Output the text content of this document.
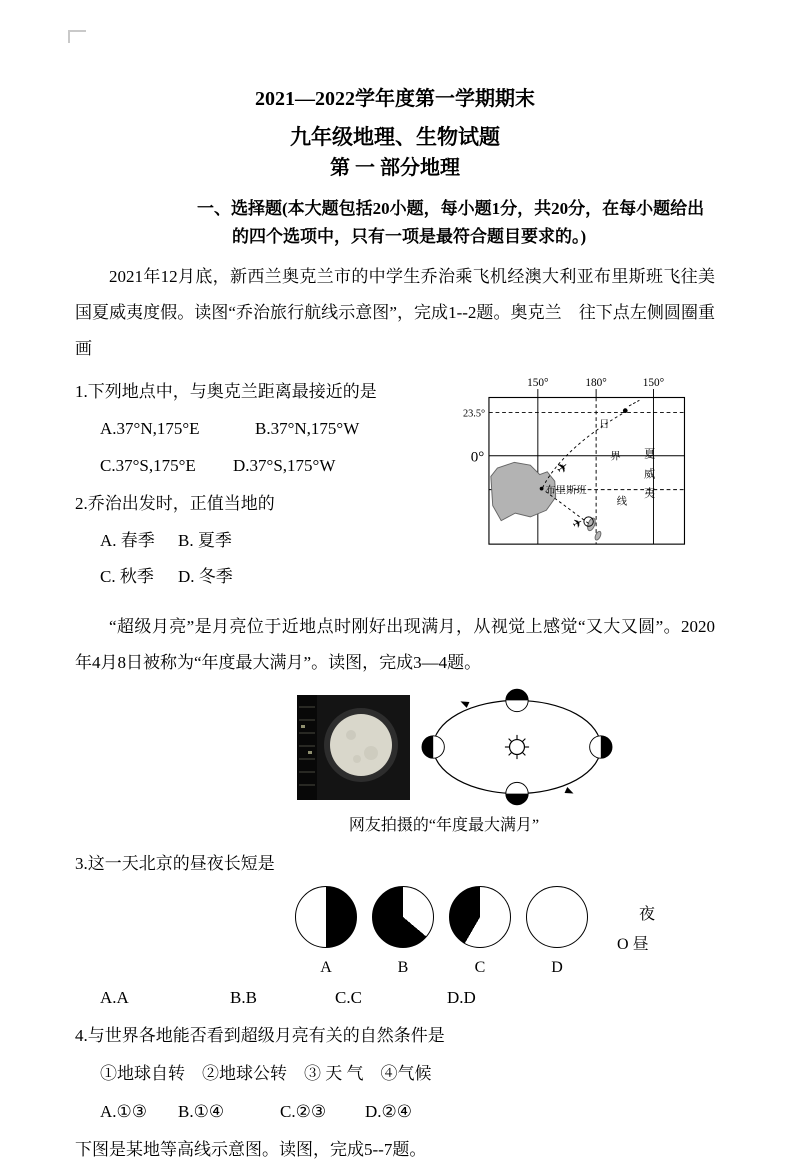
2021—2022学年度第一学期期末
九年级地理、生物试题
第 一 部分地理
一、选择题(本大题包括20小题，每小题1分，共20分，在每小题给出
的四个选项中，只有一项是最符合题目要求的。)

2021年12月底，新西兰奥克兰市的中学生乔治乘飞机经澳大利亚布里斯班飞往美国夏威夷度假。读图“乔治旅行航线示意图”，完成1--2题。奥克兰　往下点左侧圆圈重画

1.下列地点中，与奥克兰距离最接近的是

A.37°N,175°E	B.37°N,175°W
C.37°S,175°E D.37°S,175°W

2.乔治出发时，正值当地的

A. 春季 B. 夏季
C. 秋季 D. 冬季
150°	180°	150°
23.5°
0°
布里斯班
✈
✈
日
界
线
夏
威
夷

“超级月亮”是月亮位于近地点时刚好出现满月，从视觉上感觉“又大又圆”。2020年4月8日被称为“年度最大满月”。读图，完成3—4题。

网友拍摄的“年度最大满月”

3.这一天北京的昼夜长短是

A	B	C	D
夜
O 昼
A.A	B.B	C.C	D.D

4.与世界各地能否看到超级月亮有关的自然条件是

①地球自转　②地球公转　③ 天 气　④气候

A.①③ B.①④	C.②③ D.②④

下图是某地等高线示意图。读图，完成5--7题。
